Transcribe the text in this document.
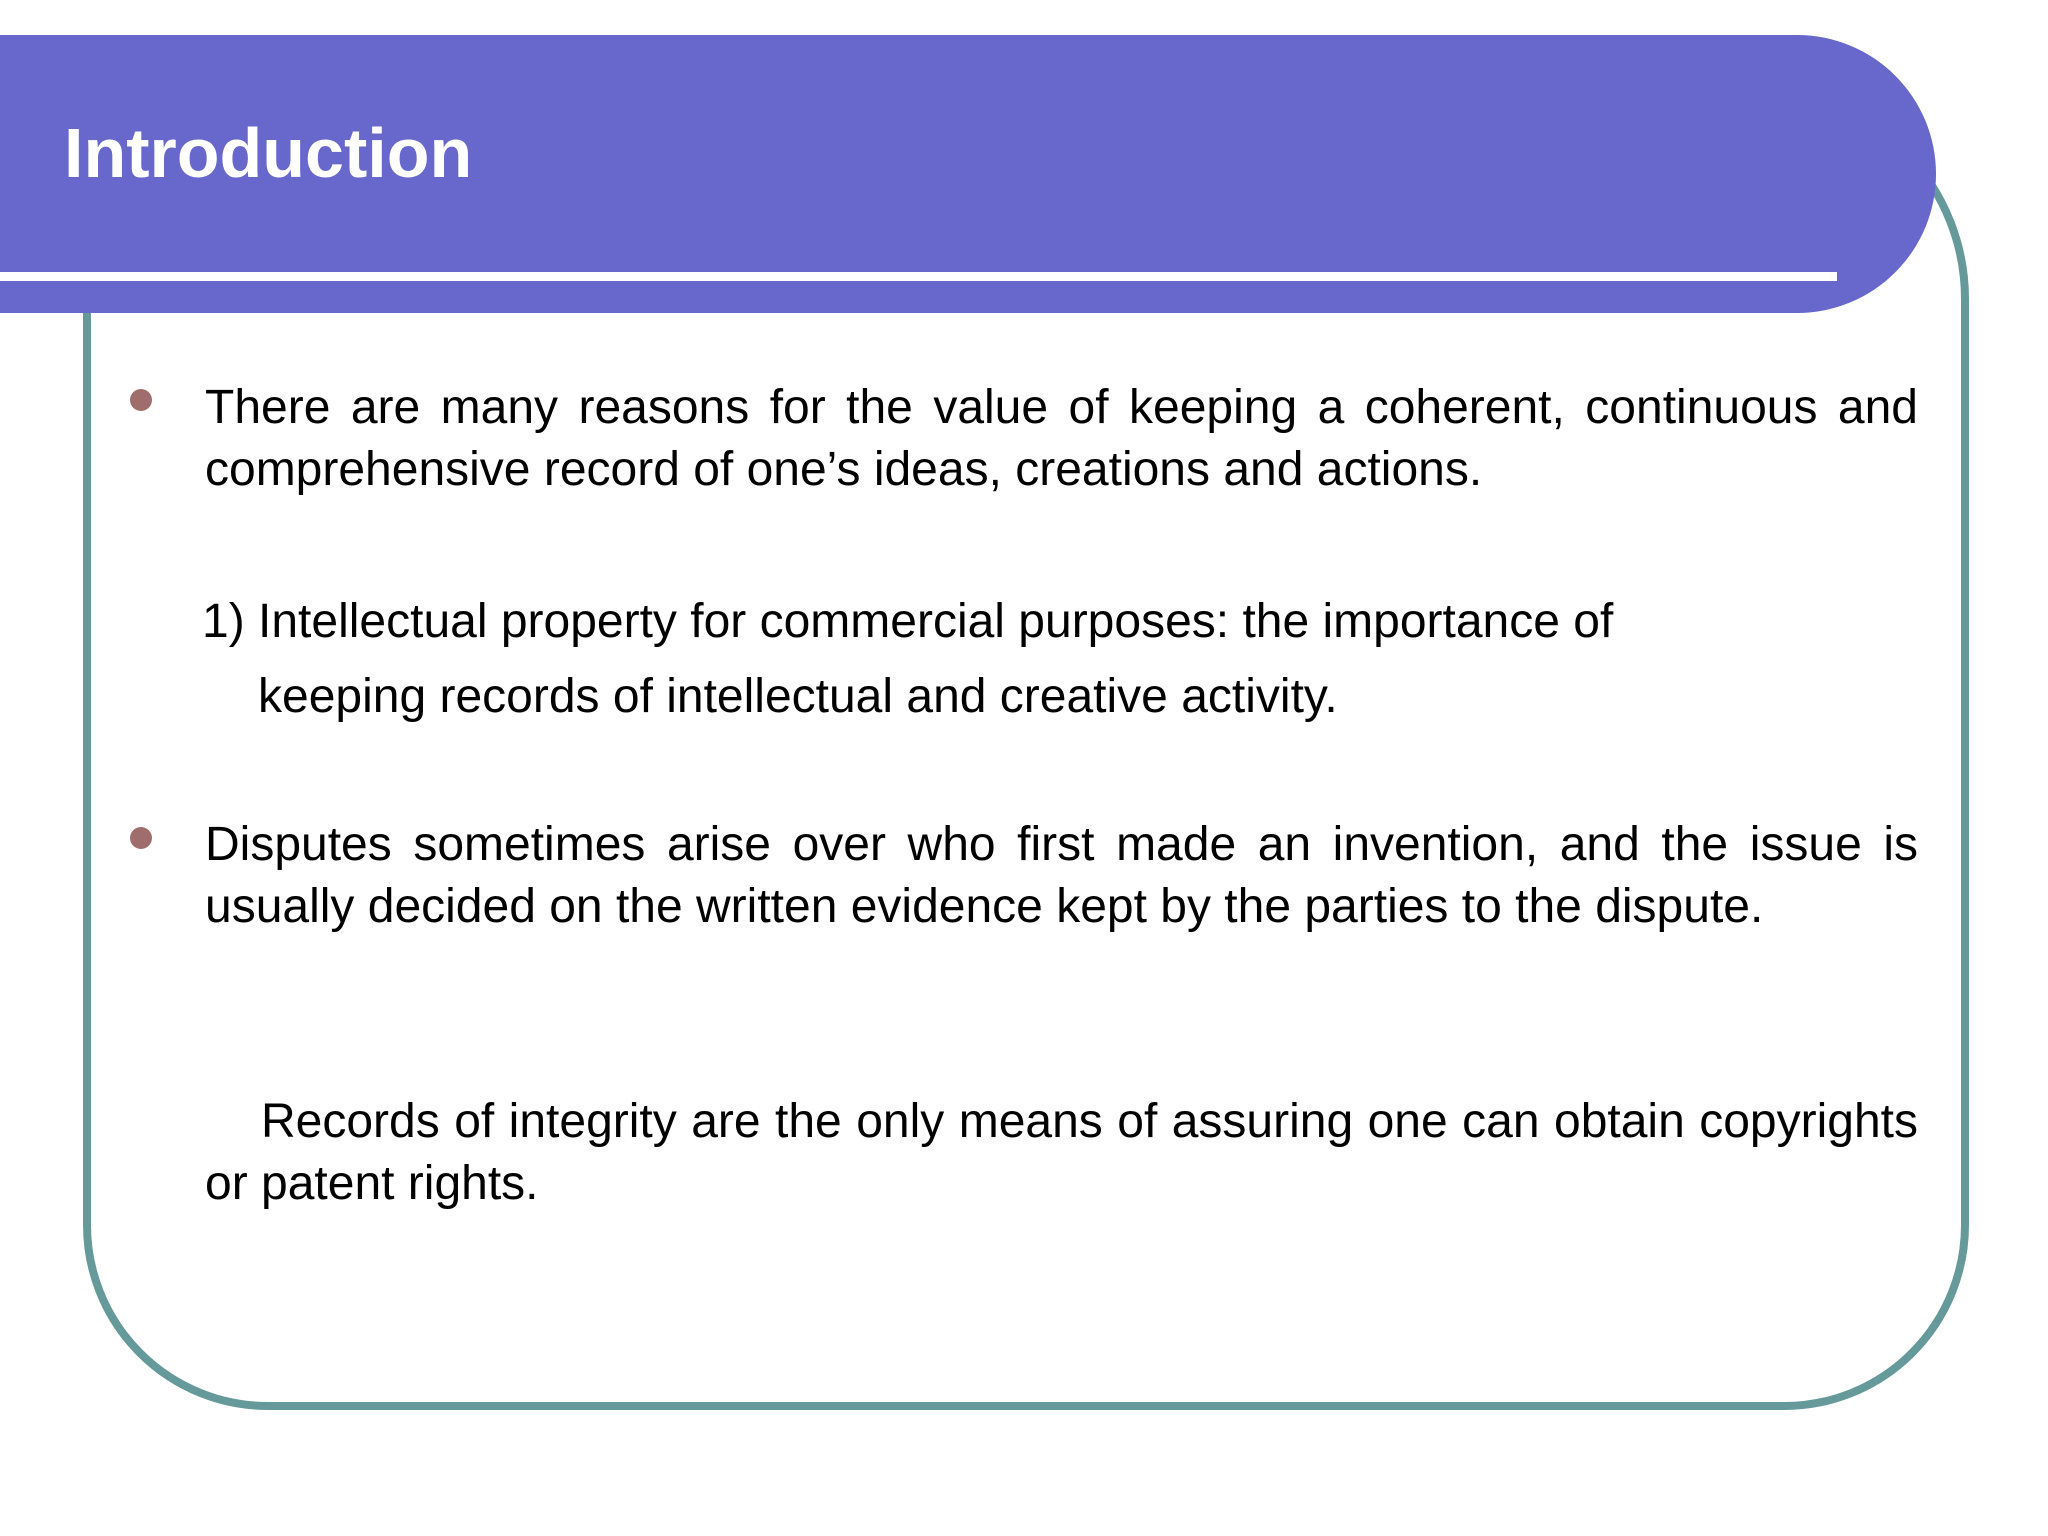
Introduction
There are many reasons for the value of keeping a coherent, continuous and comprehensive record of one’s ideas, creations and actions.
1) Intellectual property for commercial purposes: the importance of
keeping records of intellectual and creative activity.
Disputes sometimes arise over who first made an invention, and the issue is usually decided on the written evidence kept by the parties to the dispute.
Records of integrity are the only means of assuring one can obtain copyrights or patent rights.
